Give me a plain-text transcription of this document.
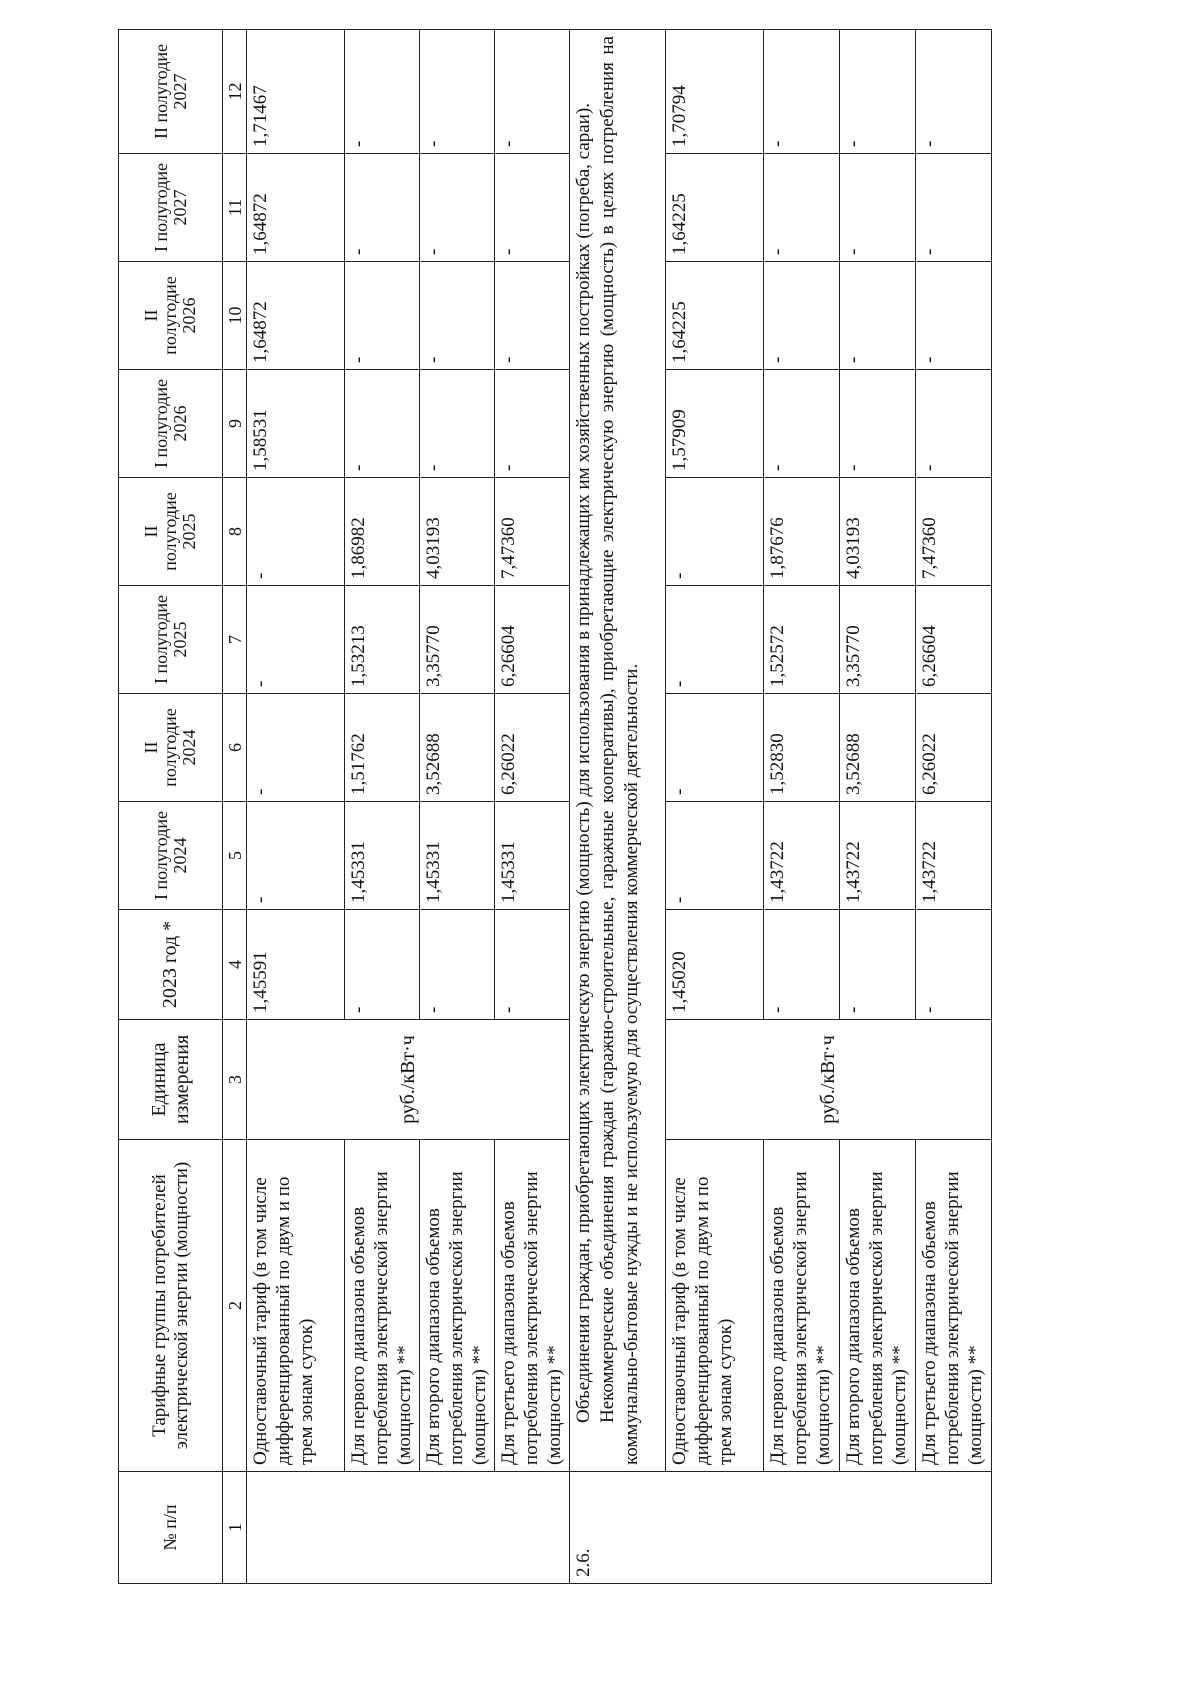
№ п/п	Тарифные группы потребителей электрической энергии (мощности)	Единица измерения	2023 год *	I полугодие 2024	II полугодие 2024	I полугодие 2025	II полугодие 2025	I полугодие 2026	II полугодие 2026	I полугодие 2027	II полугодие 2027
1	2	3	4	5	6	7	8	9	10	11	12
	Одноставочный тариф (в том числе дифференцированный по двум и по трем зонам суток)	руб./кВт·ч	1,45591	-	-	-	-	1,58531	1,64872	1,64872	1,71467
	Для первого диапазона объемов потребления электрической энергии (мощности) **		-	1,45331	1,51762	1,53213	1,86982	-	-	-	-
	Для второго диапазона объемов потребления электрической энергии (мощности) **		-	1,45331	3,52688	3,35770	4,03193	-	-	-	-
	Для третьего диапазона объемов потребления электрической энергии (мощности) **		-	1,45331	6,26022	6,26604	7,47360	-	-	-	-
2.6.	Объединения граждан, приобретающих электрическую энергию (мощность) для использования в принадлежащих им хозяйственных постройках (погреба, сараи). Некоммерческие объединения граждан (гаражно-строительные, гаражные кооперативы), приобретающие электрическую энергию (мощность) в целях потребления на коммунально-бытовые нужды и не используемую для осуществления коммерческой деятельности.										

	Одноставочный тариф (в том числе дифференцированный по двум и по трем зонам суток)	руб./кВт·ч	1,45020	-	-	-	-	1,57909	1,64225	1,64225	1,70794
	Для первого диапазона объемов потребления электрической энергии (мощности) **		-	1,43722	1,52830	1,52572	1,87676	-	-	-	-
	Для второго диапазона объемов потребления электрической энергии (мощности) **		-	1,43722	3,52688	3,35770	4,03193	-	-	-	-
	Для третьего диапазона объемов потребления электрической энергии (мощности) **		-	1,43722	6,26022	6,26604	7,47360	-	-	-	-
